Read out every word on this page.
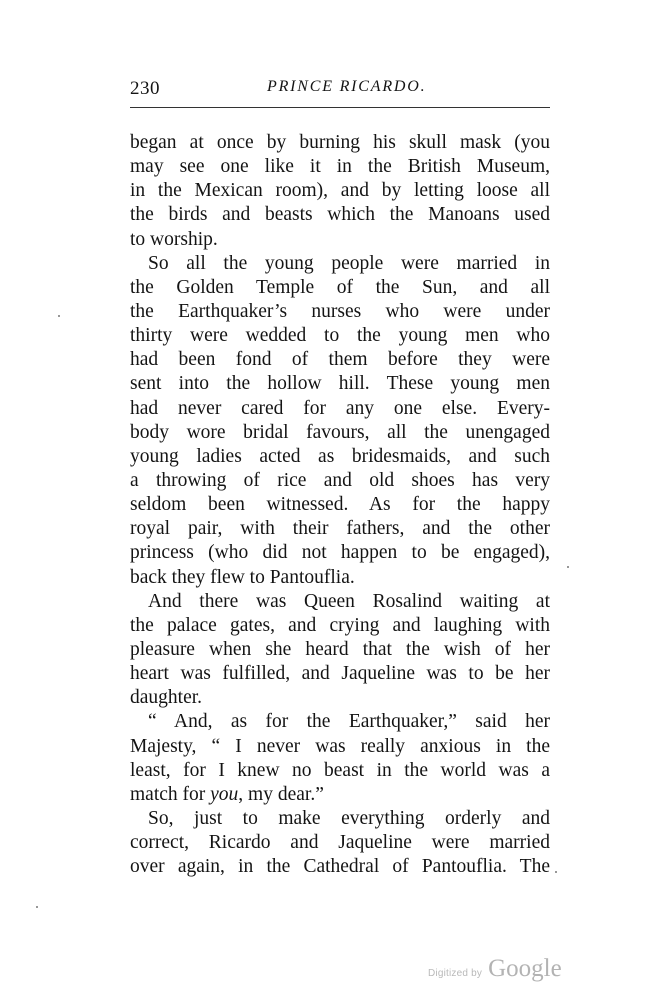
230	PRINCE RICARDO.
began at once by burning his skull mask (you
may see one like it in the British Museum,
in the Mexican room), and by letting loose all
the birds and beasts which the Manoans used
to worship.
So all the young people were married in
the Golden Temple of the Sun, and all
the Earthquaker’s nurses who were under
thirty were wedded to the young men who
had been fond of them before they were
sent into the hollow hill. These young men
had never cared for any one else. Every-
body wore bridal favours, all the unengaged
young ladies acted as bridesmaids, and such
a throwing of rice and old shoes has very
seldom been witnessed. As for the happy
royal pair, with their fathers, and the other
princess (who did not happen to be engaged),
back they flew to Pantouflia.
And there was Queen Rosalind waiting at
the palace gates, and crying and laughing with
pleasure when she heard that the wish of her
heart was fulfilled, and Jaqueline was to be her
daughter.
“ And, as for the Earthquaker,” said her
Majesty, “ I never was really anxious in the
least, for I knew no beast in the world was a
match for you, my dear.”
So, just to make everything orderly and
correct, Ricardo and Jaqueline were married
over again, in the Cathedral of Pantouflia. The
Digitized by Google
